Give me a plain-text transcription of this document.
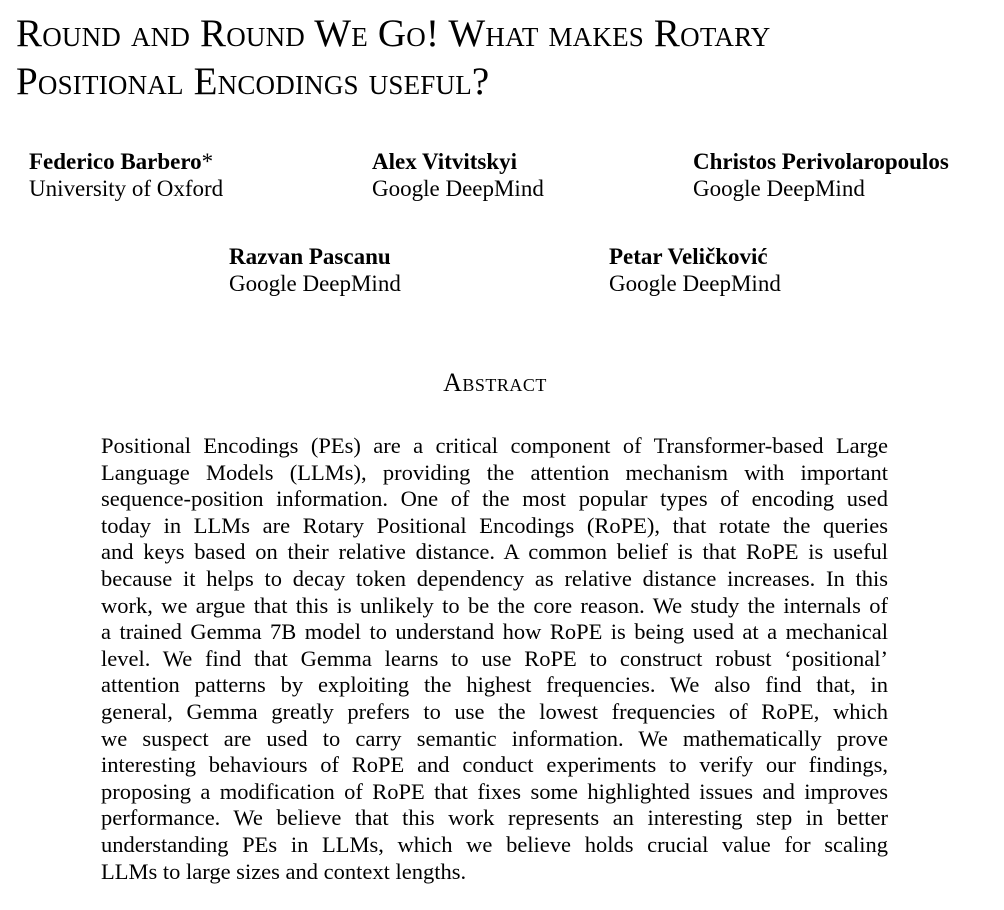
Round and Round We Go! What makes Rotary
Positional Encodings useful?
Federico Barbero*
University of Oxford
Alex Vitvitskyi
Google DeepMind
Christos Perivolaropoulos
Google DeepMind
Razvan Pascanu
Google DeepMind
Petar Veličković
Google DeepMind
Abstract
Positional Encodings (PEs) are a critical component of Transformer-based Large
Language Models (LLMs), providing the attention mechanism with important
sequence-position information. One of the most popular types of encoding used
today in LLMs are Rotary Positional Encodings (RoPE), that rotate the queries
and keys based on their relative distance. A common belief is that RoPE is useful
because it helps to decay token dependency as relative distance increases. In this
work, we argue that this is unlikely to be the core reason. We study the internals of
a trained Gemma 7B model to understand how RoPE is being used at a mechanical
level. We find that Gemma learns to use RoPE to construct robust ‘positional’
attention patterns by exploiting the highest frequencies. We also find that, in
general, Gemma greatly prefers to use the lowest frequencies of RoPE, which
we suspect are used to carry semantic information. We mathematically prove
interesting behaviours of RoPE and conduct experiments to verify our findings,
proposing a modification of RoPE that fixes some highlighted issues and improves
performance. We believe that this work represents an interesting step in better
understanding PEs in LLMs, which we believe holds crucial value for scaling
LLMs to large sizes and context lengths.
